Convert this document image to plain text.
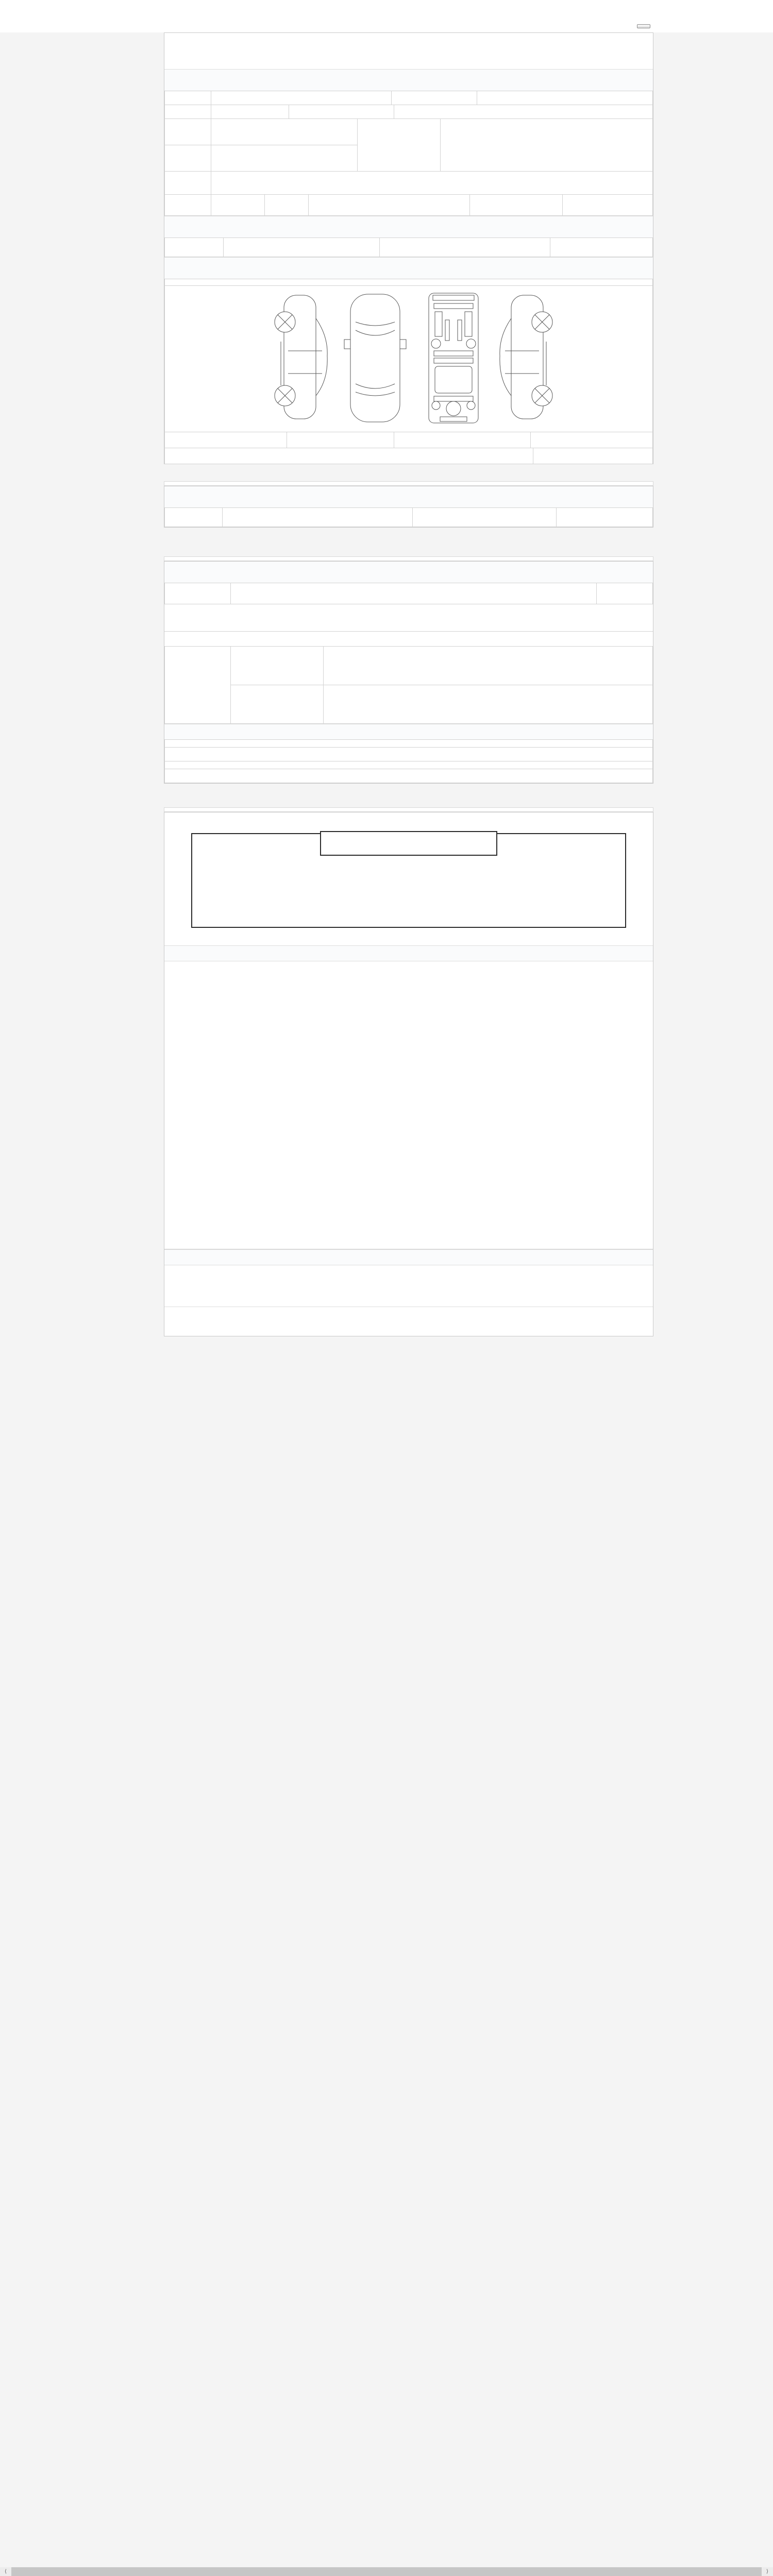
⟨	⟩
